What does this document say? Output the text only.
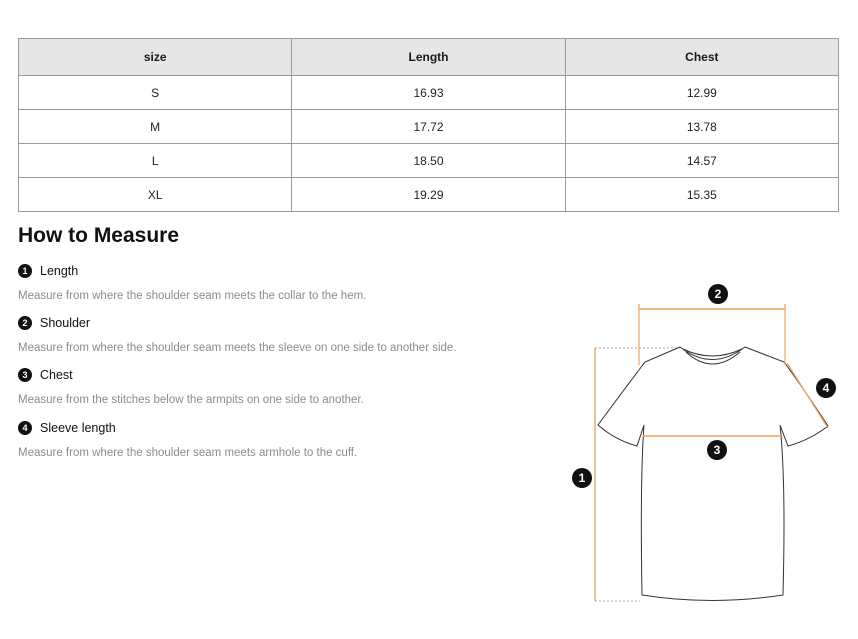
size	Length	Chest
S	16.93	12.99
M	17.72	13.78
L	18.50	14.57
XL	19.29	15.35
How to Measure
1	Length
Measure from where the shoulder seam meets the collar to the hem.
2	Shoulder
Measure from where the shoulder seam meets the sleeve on one side to another side.
3	Chest
Measure from the stitches below the armpits on one side to another.
4	Sleeve length
Measure from where the shoulder seam meets armhole to the cuff.
1
2
3
4
